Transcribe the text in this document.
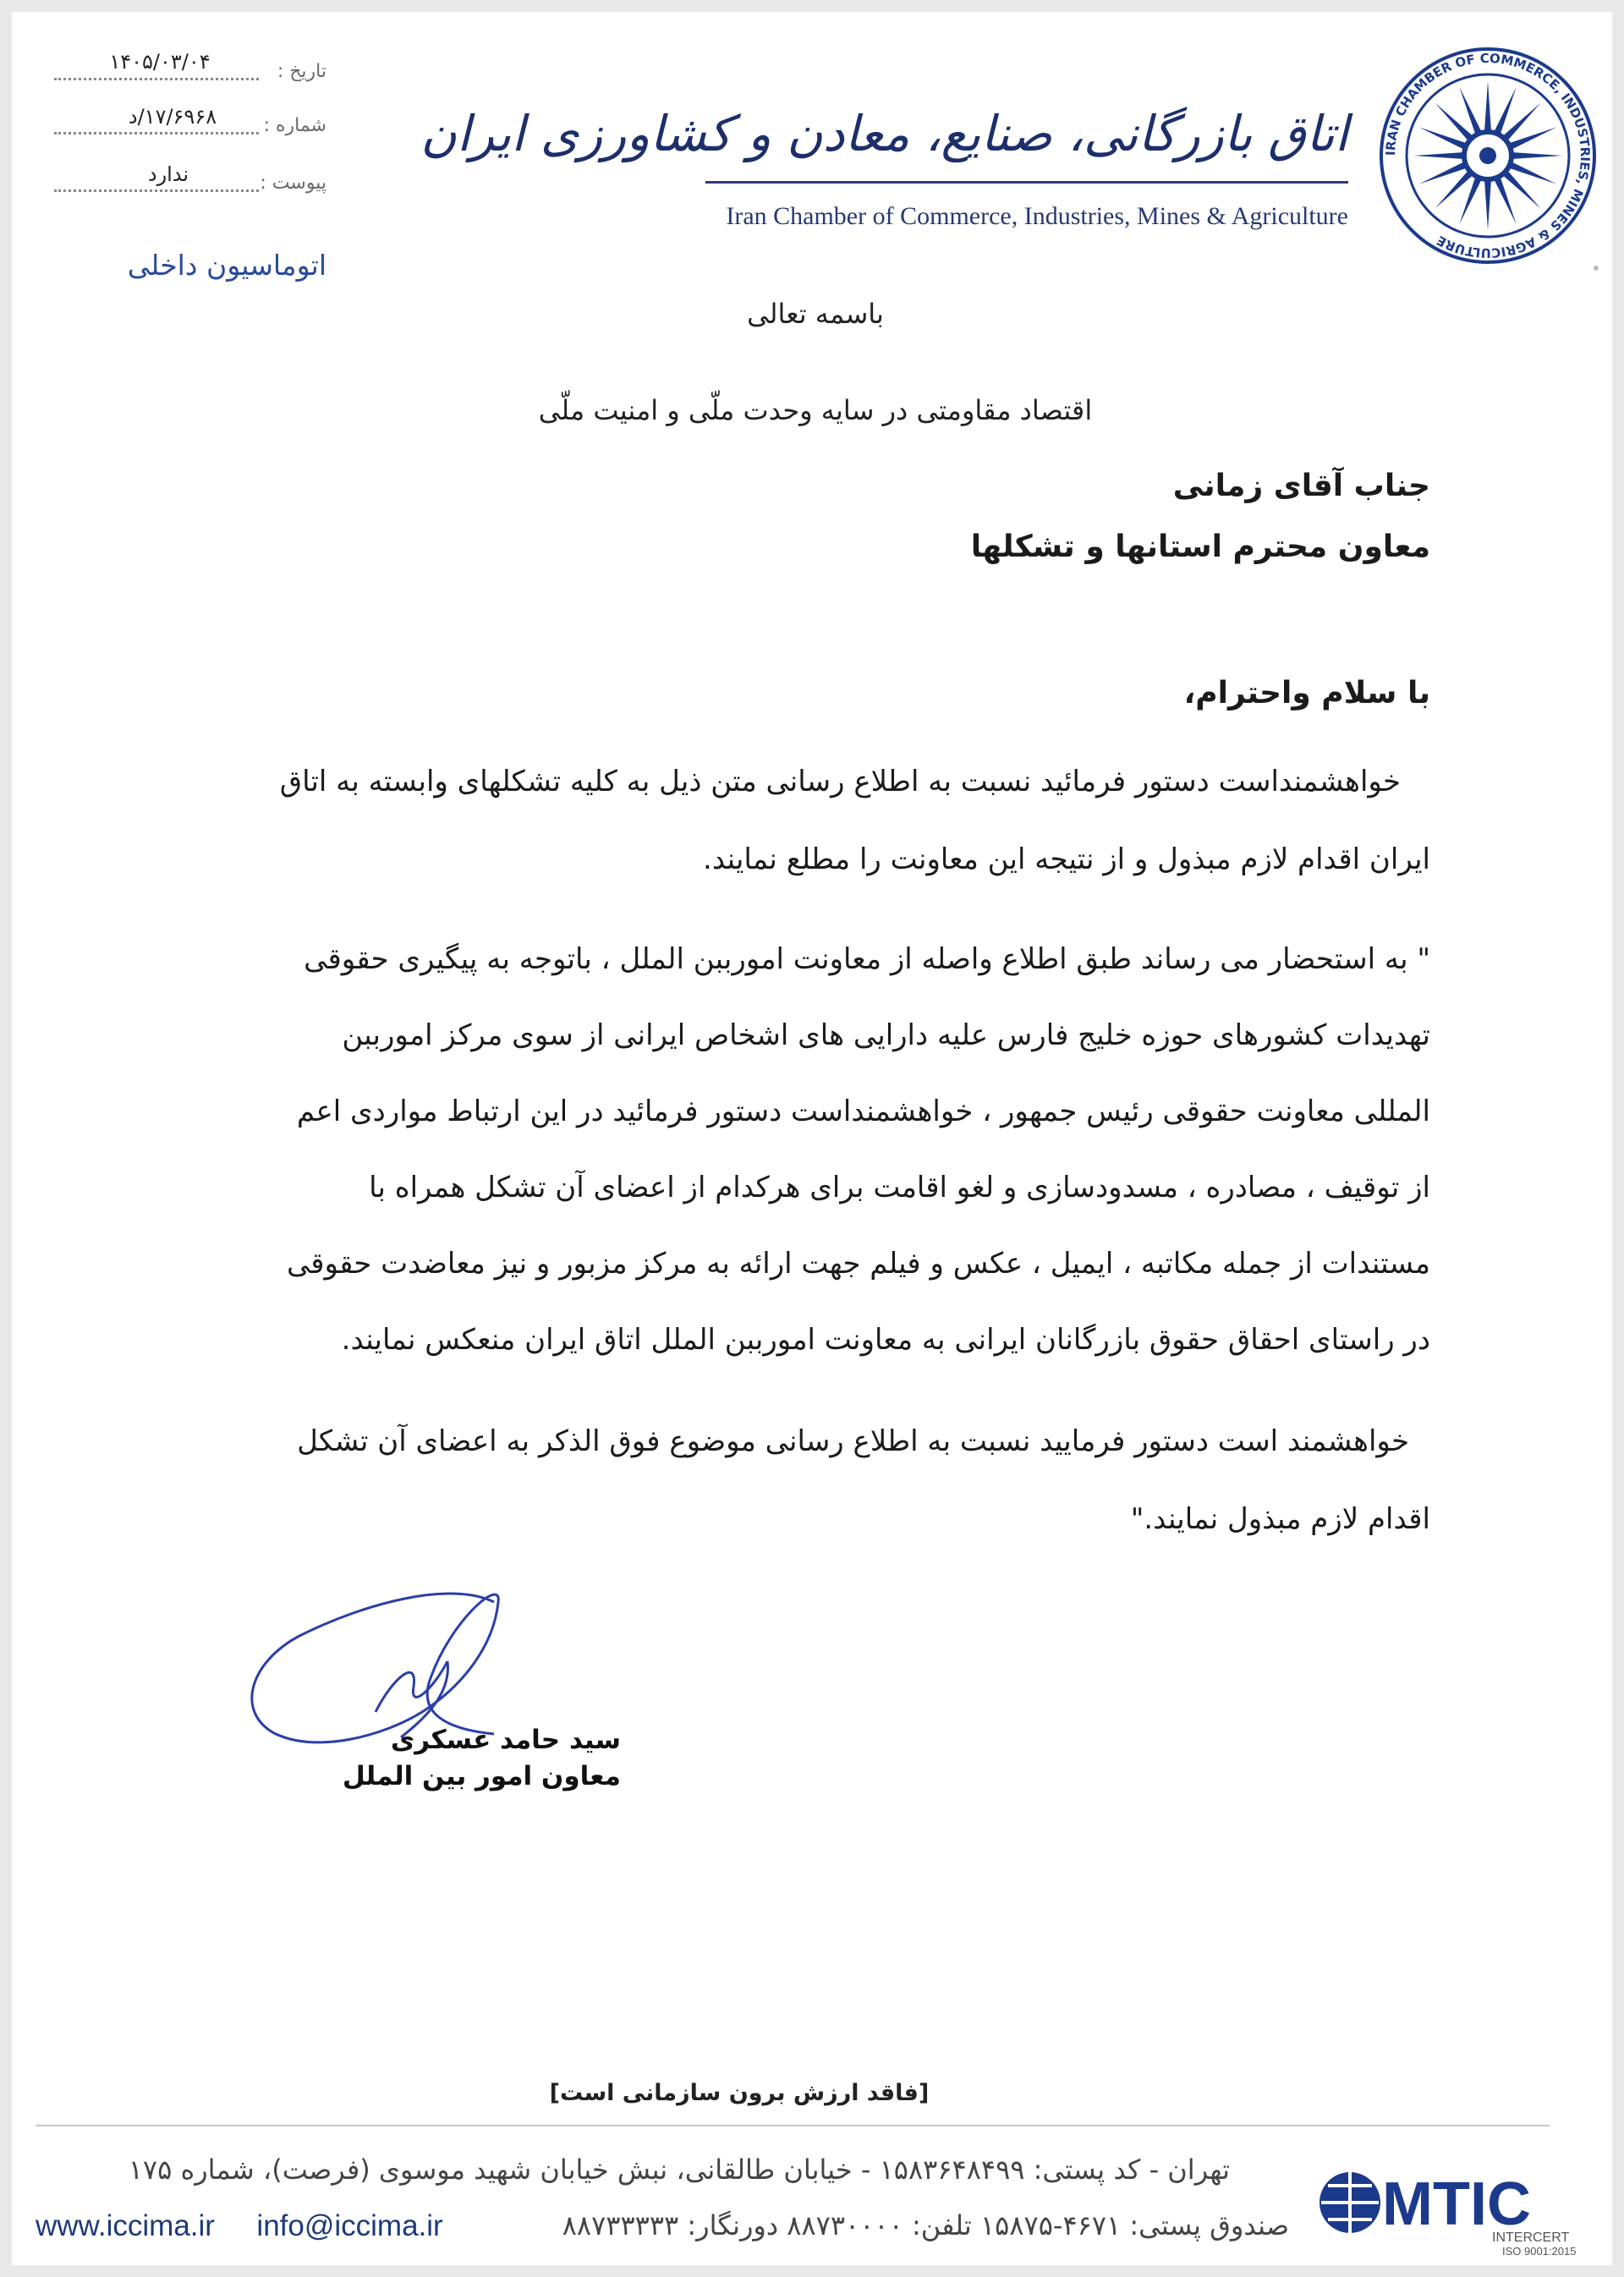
IRAN CHAMBER OF COMMERCE, INDUSTRIES, MINES & AGRICULTURE
اتاق بازرگانی، صنایع، معادن و کشاورزی ایران
Iran Chamber of Commerce, Industries, Mines & Agriculture
تاریخ :
۱۴۰۵/۰۳/۰۴
شماره :
۱۷/۶۹۶۸/د
پیوست :
ندارد
اتوماسیون داخلی
باسمه تعالی
اقتصاد مقاومتی در سایه وحدت ملّی و امنیت ملّی
جناب آقای زمانی
معاون محترم استانها و تشکلها
با سلام واحترام،
خواهشمنداست دستور فرمائید نسبت به اطلاع رسانی متن ذیل به کلیه تشکلهای وابسته به اتاق
ایران اقدام لازم مبذول و از نتیجه این معاونت را مطلع نمایند.
" به استحضار می رساند طبق اطلاع واصله از معاونت امورببن الملل ، باتوجه به پیگیری حقوقی
تهدیدات کشورهای حوزه خلیج فارس علیه دارایی های اشخاص ایرانی از سوی مرکز امورببن
المللی معاونت حقوقی رئیس جمهور ، خواهشمنداست دستور فرمائید در این ارتباط مواردی اعم
از توقیف ، مصادره ، مسدودسازی و لغو اقامت برای هرکدام از اعضای آن تشکل همراه با
مستندات از جمله مکاتبه ، ایمیل ، عکس و فیلم جهت ارائه به مرکز مزبور و نیز معاضدت حقوقی
در راستای احقاق حقوق بازرگانان ایرانی به معاونت امورببن الملل اتاق ایران منعکس نمایند.
خواهشمند است دستور فرمایید نسبت به اطلاع رسانی موضوع فوق الذکر به اعضای آن تشکل
اقدام لازم مبذول نمایند."
سید حامد عسکری
معاون امور بین الملل
[فاقد ارزش برون سازمانی است]
تهران - کد پستی: ۱۵۸۳۶۴۸۴۹۹ - خیابان طالقانی، نبش خیابان شهید موسوی (فرصت)، شماره ۱۷۵
صندوق پستی: ۴۶۷۱-۱۵۸۷۵ تلفن: ۸۸۷۳۰۰۰۰ دورنگار: ۸۸۷۳۳۳۳۳
www.iccima.ir info@iccima.ir	MTIC
INTERCERT
ISO 9001:2015
